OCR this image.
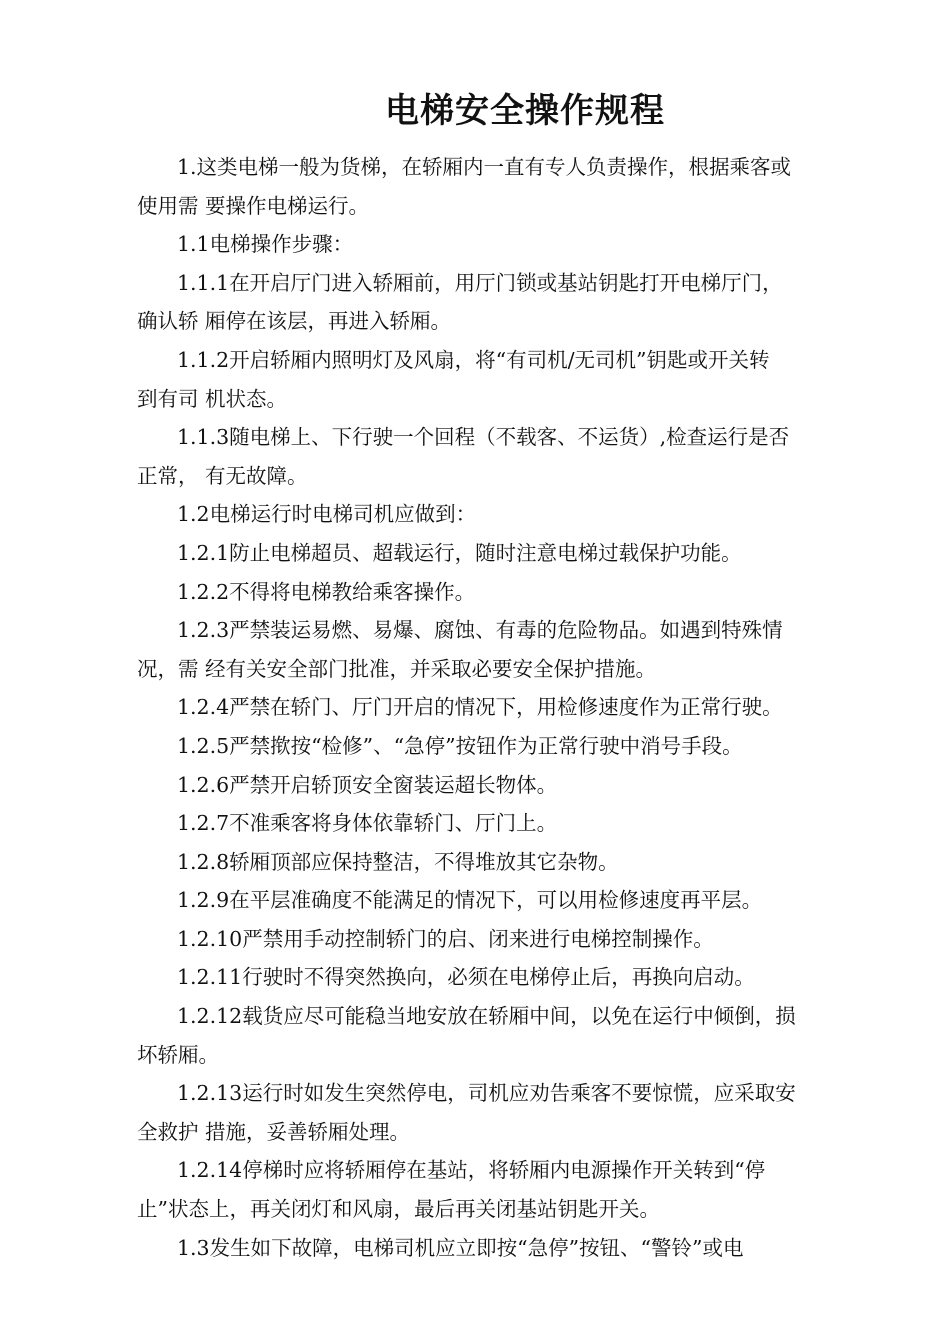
电梯安全操作规程
1.这类电梯一般为货梯，在轿厢内一直有专人负责操作，根据乘客或
使用需 要操作电梯运行。
1.1电梯操作步骤：
1.1.1在开启厅门进入轿厢前，用厅门锁或基站钥匙打开电梯厅门，
确认轿 厢停在该层，再进入轿厢。
1.1.2开启轿厢内照明灯及风扇，将“有司机/无司机”钥匙或开关转
到有司 机状态。
1.1.3随电梯上、下行驶一个回程（不载客、不运货）,检查运行是否
正常， 有无故障。
1.2电梯运行时电梯司机应做到：
1.2.1防止电梯超员、超载运行，随时注意电梯过载保护功能。
1.2.2不得将电梯教给乘客操作。
1.2.3严禁装运易燃、易爆、腐蚀、有毒的危险物品。如遇到特殊情
况，需 经有关安全部门批准，并采取必要安全保护措施。
1.2.4严禁在轿门、厅门开启的情况下，用检修速度作为正常行驶。
1.2.5严禁揿按“检修”、“急停”按钮作为正常行驶中消号手段。
1.2.6严禁开启轿顶安全窗装运超长物体。
1.2.7不准乘客将身体依靠轿门、厅门上。
1.2.8轿厢顶部应保持整洁，不得堆放其它杂物。
1.2.9在平层准确度不能满足的情况下，可以用检修速度再平层。
1.2.10严禁用手动控制轿门的启、闭来进行电梯控制操作。
1.2.11行驶时不得突然换向，必须在电梯停止后，再换向启动。
1.2.12载货应尽可能稳当地安放在轿厢中间，以免在运行中倾倒，损
坏轿厢。
1.2.13运行时如发生突然停电，司机应劝告乘客不要惊慌，应采取安
全救护 措施，妥善轿厢处理。
1.2.14停梯时应将轿厢停在基站，将轿厢内电源操作开关转到“停
止”状态上，再关闭灯和风扇，最后再关闭基站钥匙开关。
1.3发生如下故障，电梯司机应立即按“急停”按钮、“警铃”或电
